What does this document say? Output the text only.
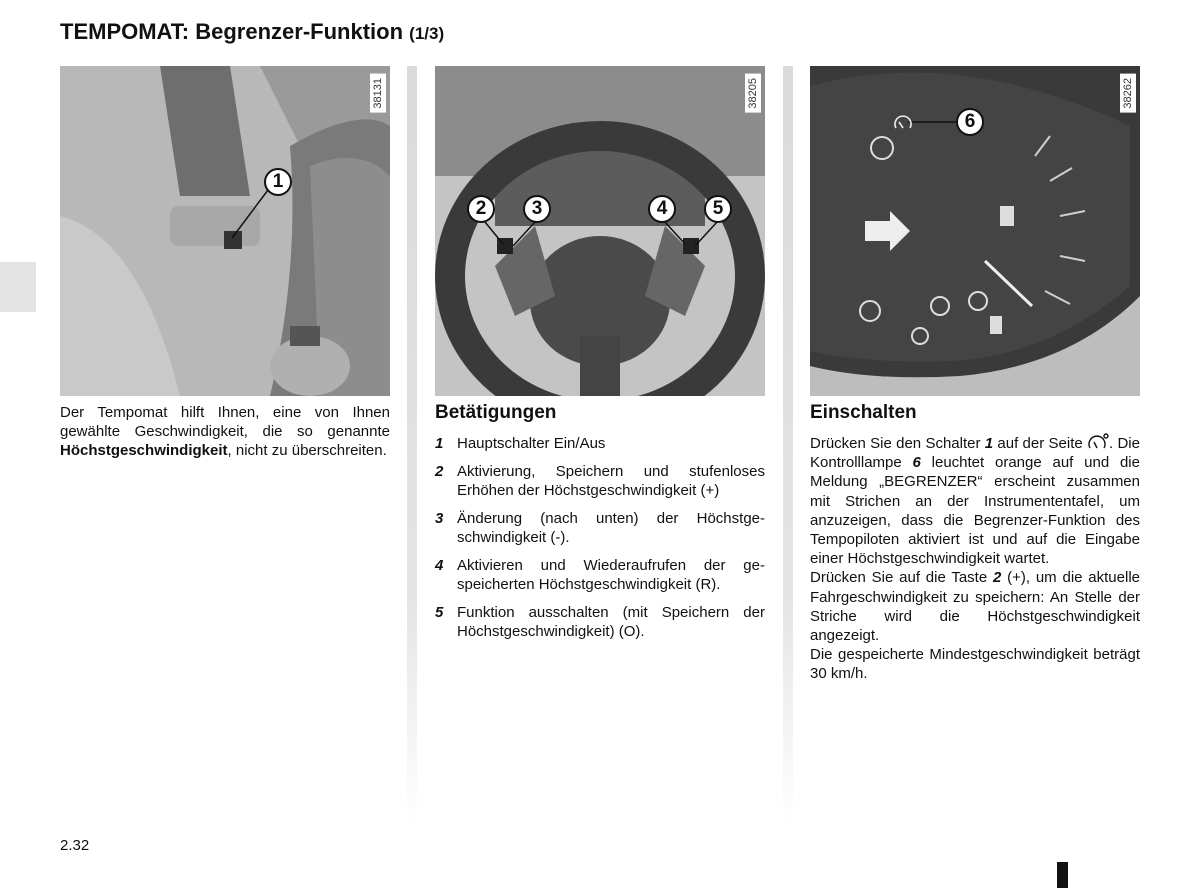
TEMPOMAT: Begrenzer-Funktion (1/3)
38131
1
38205
2	3	4	5
38262
6
Der Tempomat hilft Ihnen, eine von Ihnen gewählte Geschwindigkeit, die so genannte Höchstgeschwindigkeit, nicht zu überschreiten.
Betätigungen
1 Hauptschalter Ein/Aus
2 Aktivierung, Speichern und stufenloses Erhöhen der Höchstgeschwindigkeit (+)
3 Änderung (nach unten) der Höchstgeschwindigkeit (-).
4 Aktivieren und Wiederaufrufen der gespeicherten Höchstgeschwindigkeit (R).
5 Funktion ausschalten (mit Speichern der Höchstgeschwindigkeit) (O).
Einschalten
Drücken Sie den Schalter 1 auf der Seite . Die Kontrolllampe 6 leuchtet orange auf und die Meldung „BEGRENZER“ erscheint zusammen mit Strichen an der Instrumententafel, um anzuzeigen, dass die Begrenzer-Funktion des Tempopiloten aktiviert ist und auf die Eingabe einer Höchstgeschwindigkeit wartet.
Drücken Sie auf die Taste 2 (+), um die aktuelle Fahrgeschwindigkeit zu speichern: An Stelle der Striche wird die Höchstgeschwindigkeit angezeigt.
Die gespeicherte Mindestgeschwindigkeit beträgt 30 km/h.
2.32
